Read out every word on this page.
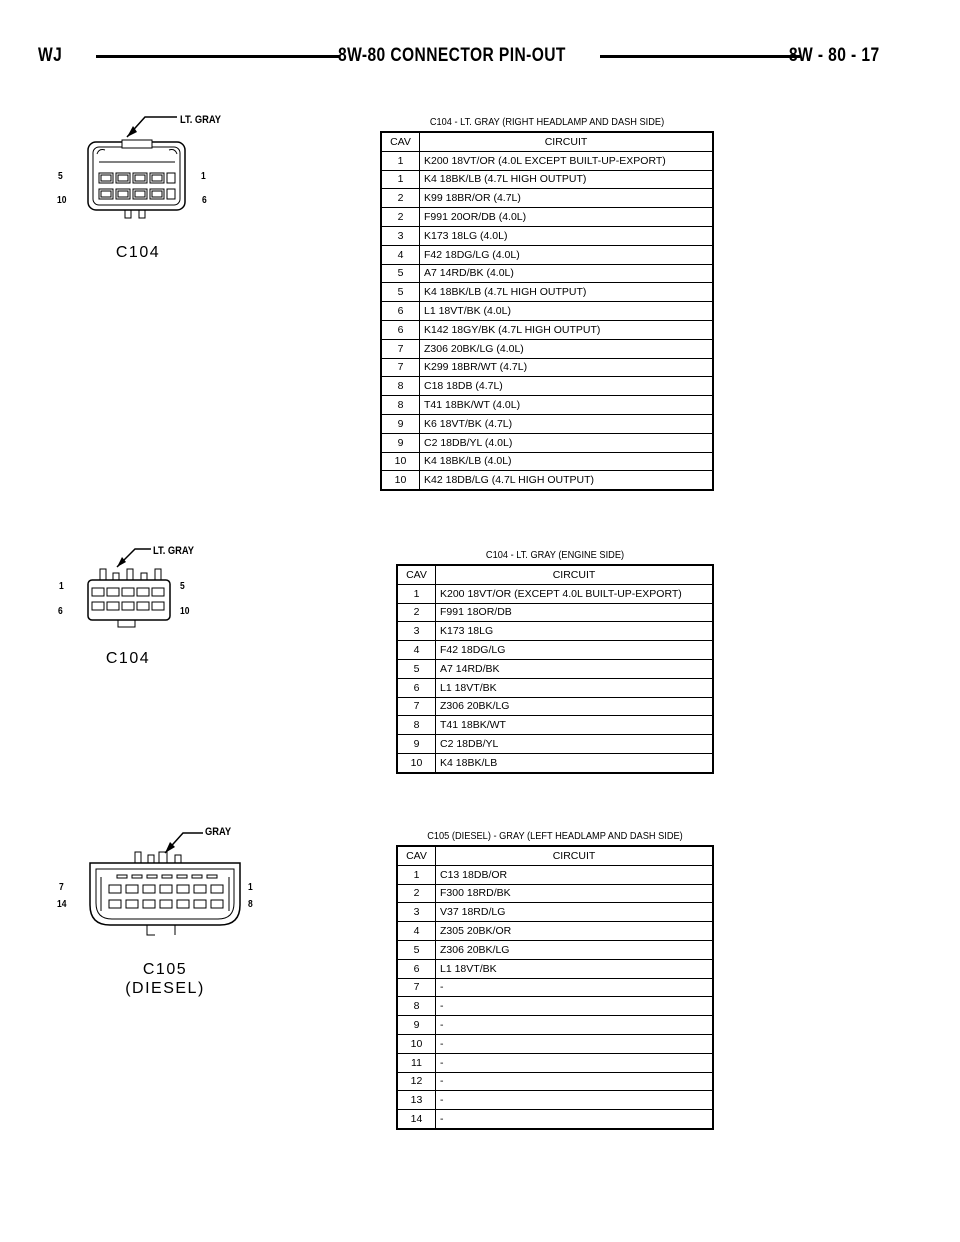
WJ	8W-80 CONNECTOR PIN-OUT	8W - 80 - 17
LT. GRAY
5
10
1
6
C104
C104 - LT. GRAY (RIGHT HEADLAMP AND DASH SIDE)
CAV	CIRCUIT
1	K200 18VT/OR (4.0L EXCEPT BUILT-UP-EXPORT)
1	K4 18BK/LB (4.7L HIGH OUTPUT)
2	K99 18BR/OR (4.7L)
2	F991 20OR/DB (4.0L)
3	K173 18LG (4.0L)
4	F42 18DG/LG (4.0L)
5	A7 14RD/BK (4.0L)
5	K4 18BK/LB (4.7L HIGH OUTPUT)
6	L1 18VT/BK (4.0L)
6	K142 18GY/BK (4.7L HIGH OUTPUT)
7	Z306 20BK/LG (4.0L)
7	K299 18BR/WT (4.7L)
8	C18 18DB (4.7L)
8	T41 18BK/WT (4.0L)
9	K6 18VT/BK (4.7L)
9	C2 18DB/YL (4.0L)
10	K4 18BK/LB (4.0L)
10	K42 18DB/LG (4.7L HIGH OUTPUT)
LT. GRAY
1
6
5
10
C104
C104 - LT. GRAY (ENGINE SIDE)
CAV	CIRCUIT
1	K200 18VT/OR (EXCEPT 4.0L BUILT-UP-EXPORT)
2	F991 18OR/DB
3	K173 18LG
4	F42 18DG/LG
5	A7 14RD/BK
6	L1 18VT/BK
7	Z306 20BK/LG
8	T41 18BK/WT
9	C2 18DB/YL
10	K4 18BK/LB
GRAY
7
14
1
8
C105
(DIESEL)
C105 (DIESEL) - GRAY (LEFT HEADLAMP AND DASH SIDE)
CAV	CIRCUIT
1	C13 18DB/OR
2	F300 18RD/BK
3	V37 18RD/LG
4	Z305 20BK/OR
5	Z306 20BK/LG
6	L1 18VT/BK
7	-
8	-
9	-
10	-
11	-
12	-
13	-
14	-
